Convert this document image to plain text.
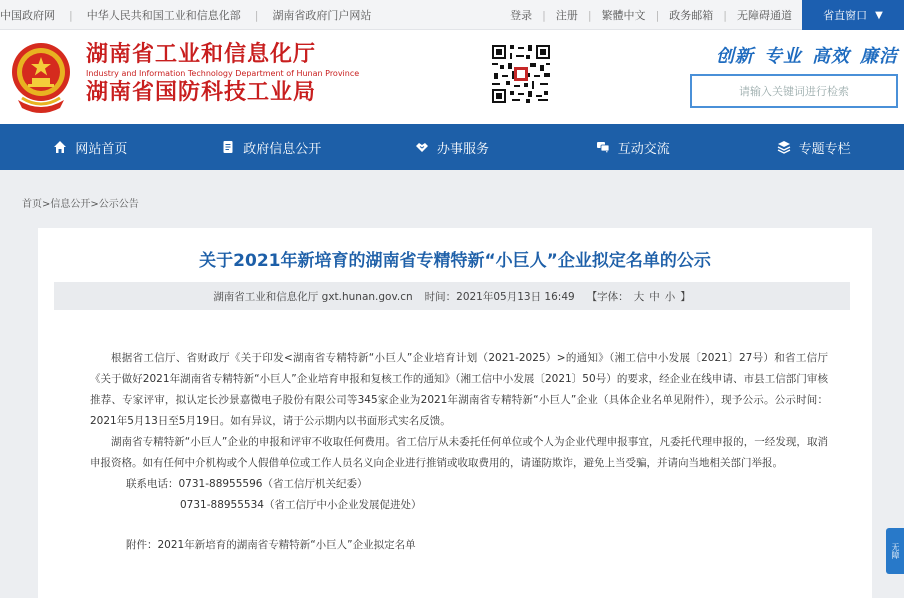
中国政府网 | 中华人民共和国工业和信息化部 | 湖南省政府门户网站	登录 | 注册 | 繁體中文 | 政务邮箱 | 无障碍通道	省直窗口 ▼
湖南省工业和信息化厅
Industry and Information Technology Department of Hunan Province
湖南省国防科技工业局
创新 专业 高效 廉洁
请输入关键词进行检索
网站首页	政府信息公开	办事服务	互动交流	专题专栏
首页>信息公开>公示公告
关于2021年新培育的湖南省专精特新“小巨人”企业拟定名单的公示
湖南省工业和信息化厅 gxt.hunan.gov.cn 时间：2021年05月13日 16:49 【字体： 大 中 小 】

根据省工信厅、省财政厅《关于印发<湖南省专精特新“小巨人”企业培育计划（2021-2025）>的通知》（湘工信中小发展〔2021〕27号）和省工信厅《关于做好2021年湖南省专精特新“小巨人”企业培育申报和复核工作的通知》（湘工信中小发展〔2021〕50号）的要求，经企业在线申请、市县工信部门审核推荐、专家评审，拟认定长沙景嘉微电子股份有限公司等345家企业为2021年湖南省专精特新“小巨人”企业（具体企业名单见附件），现予公示。公示时间：2021年5月13日至5月19日。如有异议，请于公示期内以书面形式实名反馈。

湖南省专精特新“小巨人”企业的申报和评审不收取任何费用。省工信厅从未委托任何单位或个人为企业代理申报事宜，凡委托代理申报的，一经发现，取消申报资格。如有任何中介机构或个人假借单位或工作人员名义向企业进行推销或收取费用的，请谨防欺诈，避免上当受骗，并请向当地相关部门举报。

联系电话：0731-88955596（省工信厅机关纪委）

0731-88955534（省工信厅中小企业发展促进处）

附件：2021年新培育的湖南省专精特新“小巨人”企业拟定名单	无障
